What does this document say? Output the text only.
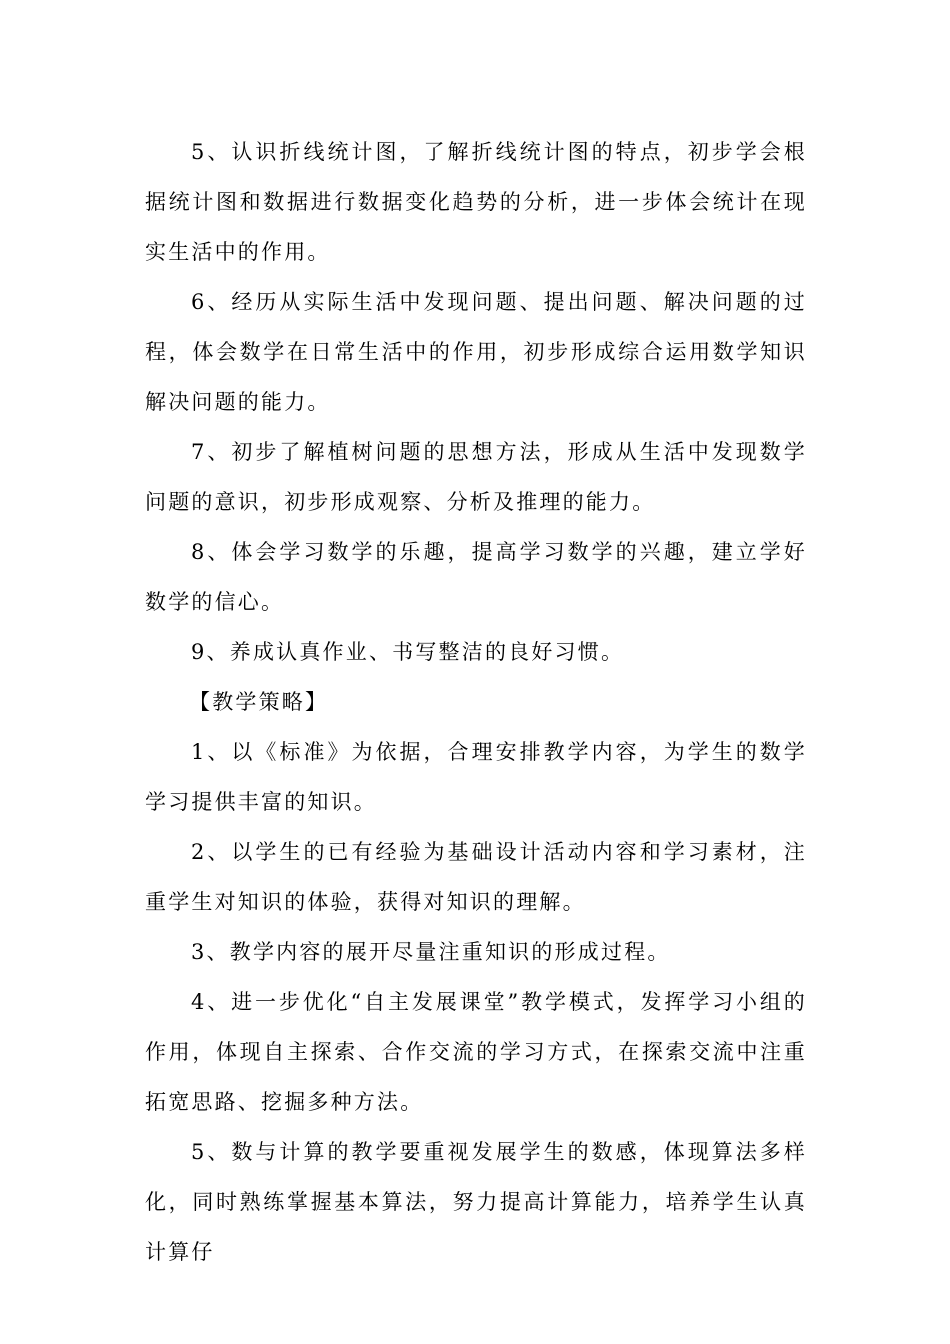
5、认识折线统计图，了解折线统计图的特点，初步学会根据统计图和数据进行数据变化趋势的分析，进一步体会统计在现实生活中的作用。

6、经历从实际生活中发现问题、提出问题、解决问题的过程，体会数学在日常生活中的作用，初步形成综合运用数学知识解决问题的能力。

7、初步了解植树问题的思想方法，形成从生活中发现数学问题的意识，初步形成观察、分析及推理的能力。

8、体会学习数学的乐趣，提高学习数学的兴趣，建立学好数学的信心。

9、养成认真作业、书写整洁的良好习惯。

【教学策略】

1、以《标准》为依据，合理安排教学内容，为学生的数学学习提供丰富的知识。

2、以学生的已有经验为基础设计活动内容和学习素材，注重学生对知识的体验，获得对知识的理解。

3、教学内容的展开尽量注重知识的形成过程。

4、进一步优化“自主发展课堂”教学模式，发挥学习小组的作用，体现自主探索、合作交流的学习方式，在探索交流中注重拓宽思路、挖掘多种方法。

5、数与计算的教学要重视发展学生的数感，体现算法多样化，同时熟练掌握基本算法，努力提高计算能力，培养学生认真计算仔
